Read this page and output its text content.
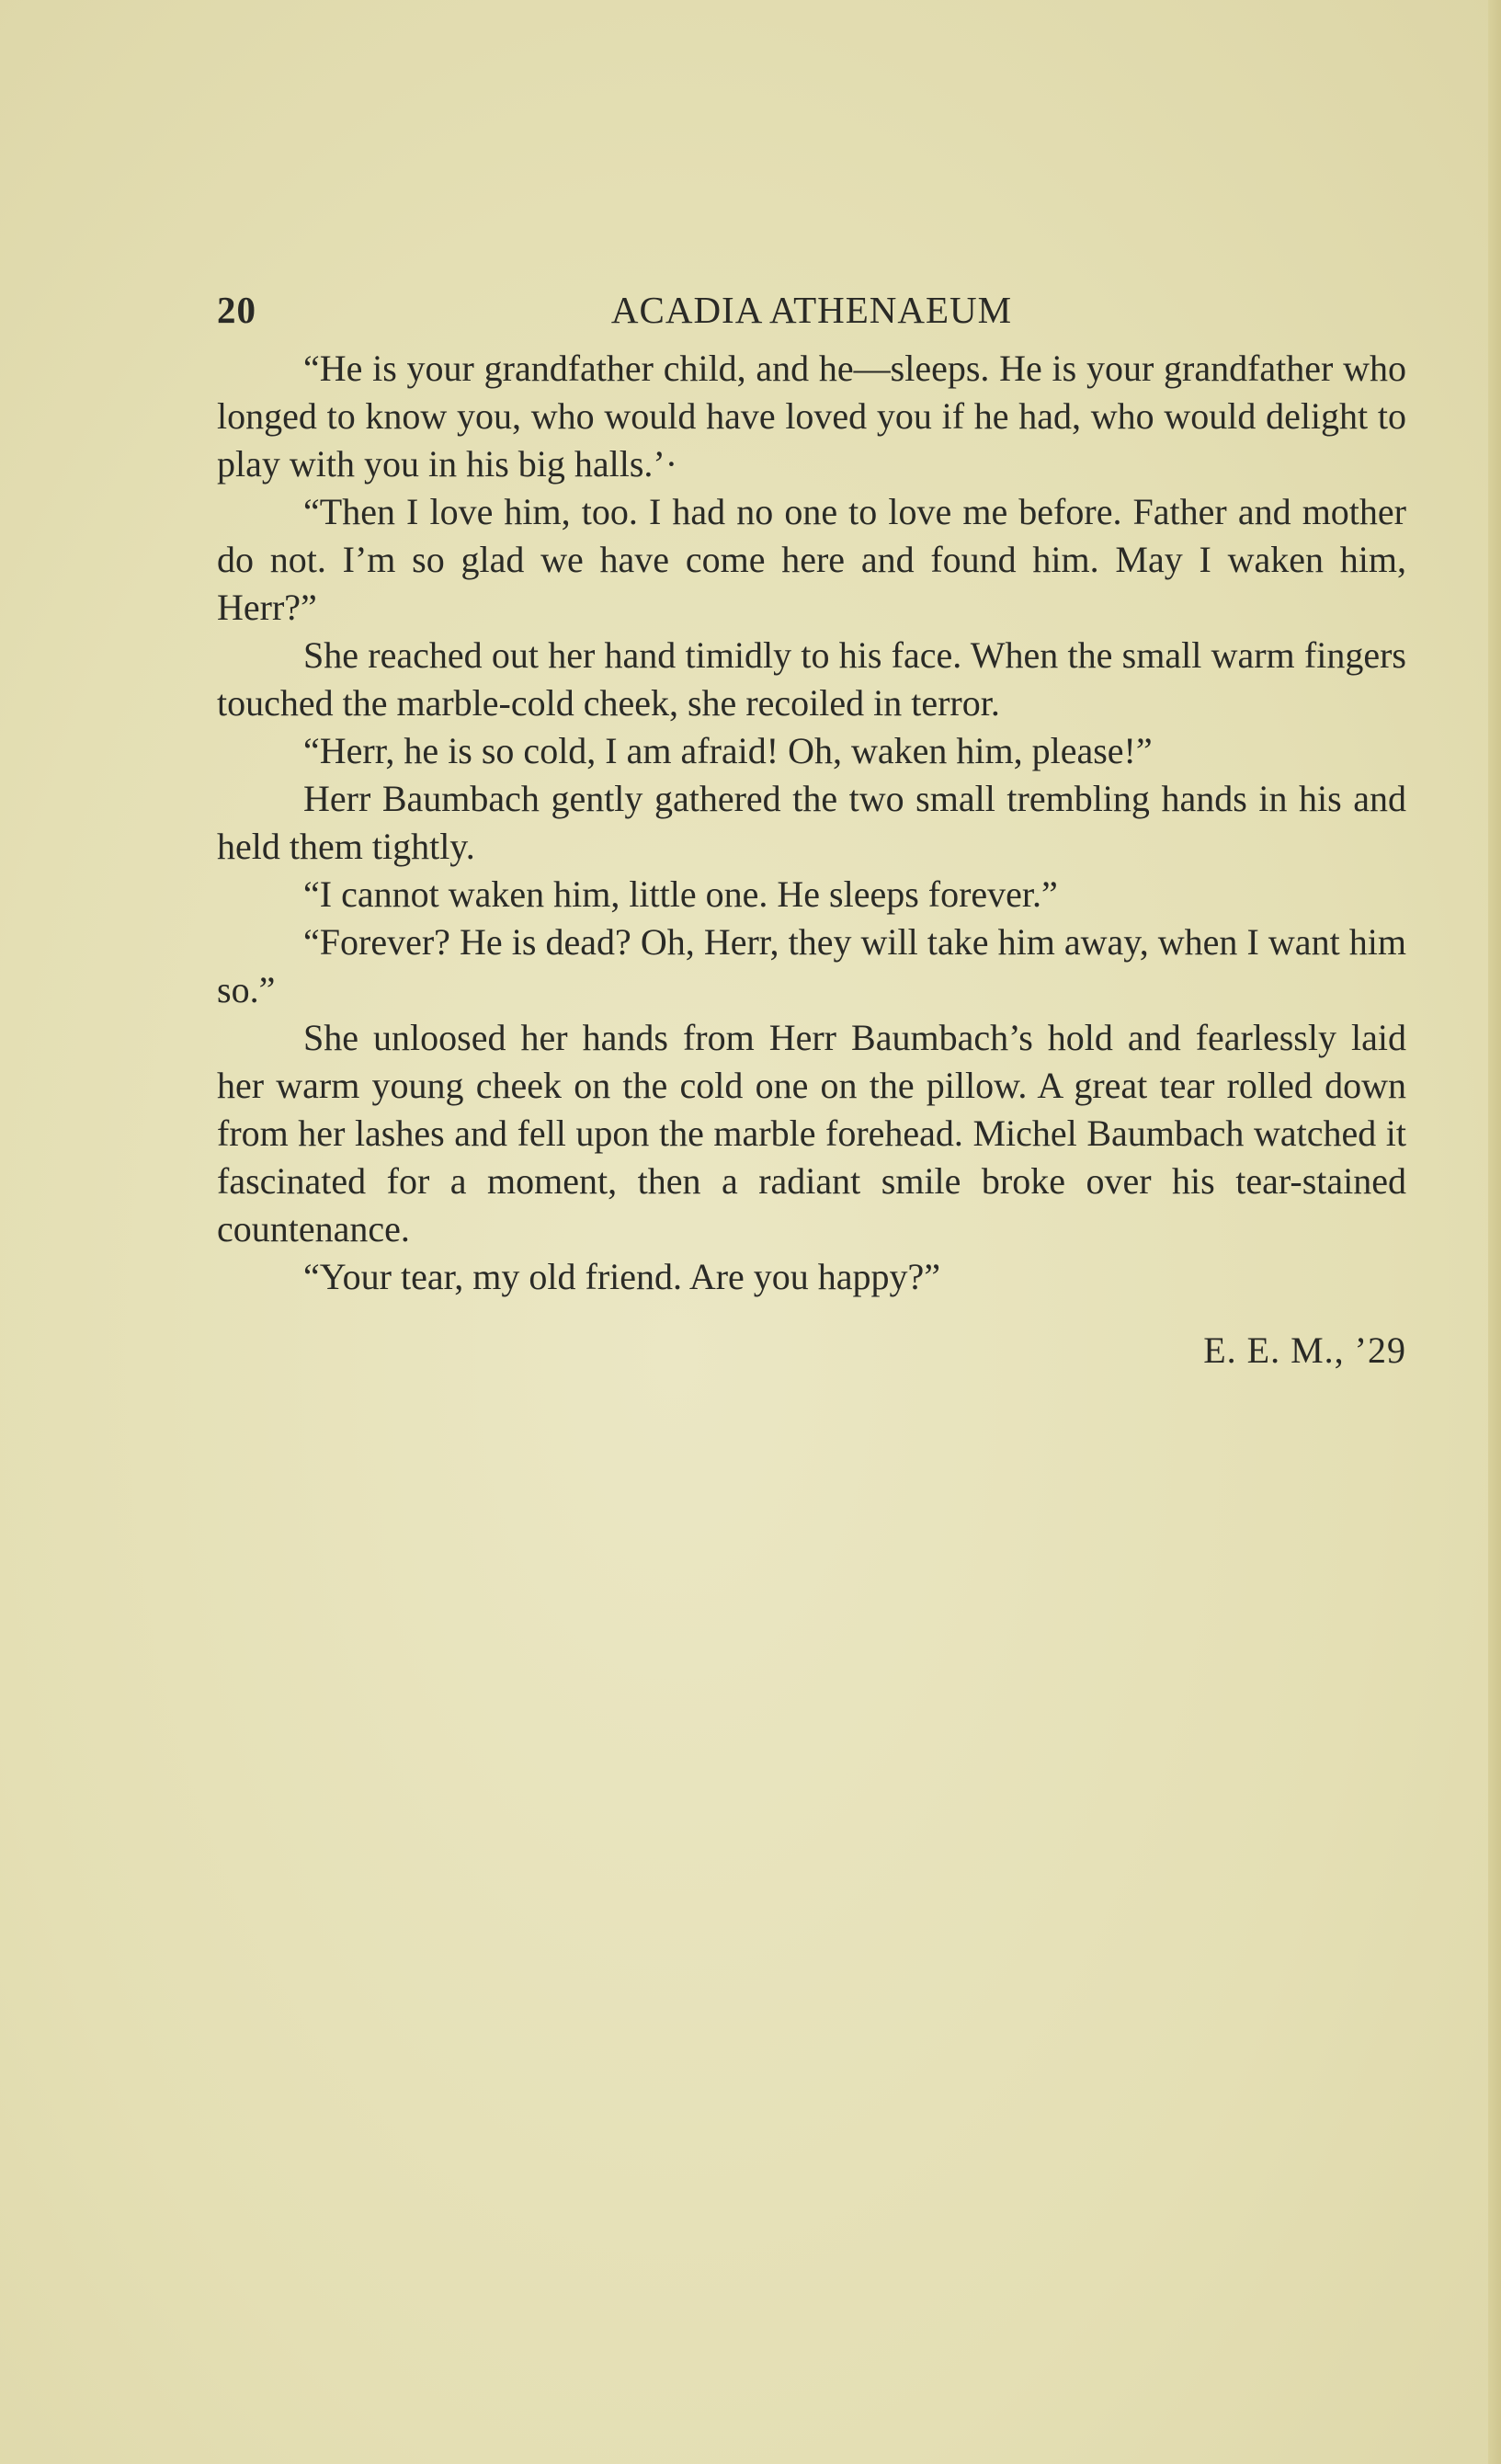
20	ACADIA ATHENAEUM

“He is your grandfather child, and he—sleeps. He is your grandfather who longed to know you, who would have loved you if he had, who would delight to play with you in his big halls.’·

“Then I love him, too. I had no one to love me before. Father and mother do not. I’m so glad we have come here and found him. May I waken him, Herr?”

She reached out her hand timidly to his face. When the small warm fingers touched the marble-cold cheek, she recoiled in terror.

“Herr, he is so cold, I am afraid! Oh, waken him, please!”

Herr Baumbach gently gathered the two small trembling hands in his and held them tightly.

“I cannot waken him, little one. He sleeps forever.”

“Forever? He is dead? Oh, Herr, they will take him away, when I want him so.”

She unloosed her hands from Herr Baumbach’s hold and fearlessly laid her warm young cheek on the cold one on the pillow. A great tear rolled down from her lashes and fell upon the marble forehead. Michel Baumbach watched it fascinated for a moment, then a radiant smile broke over his tear-stained countenance.

“Your tear, my old friend. Are you happy?”

E. E. M., ’29
